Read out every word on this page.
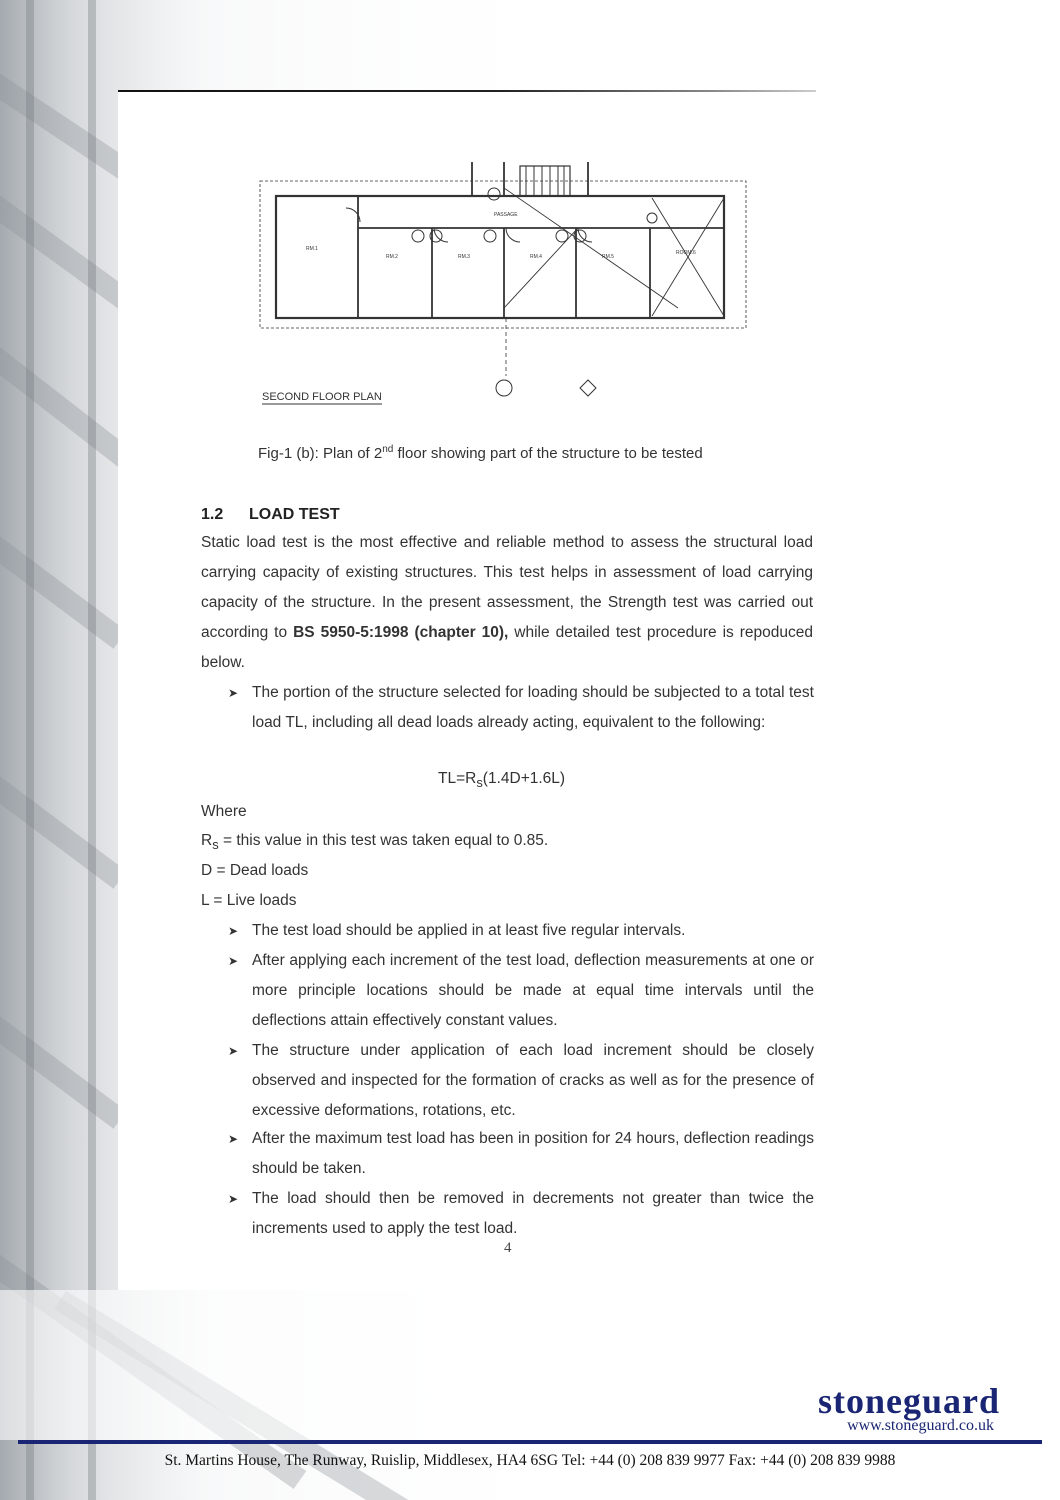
PASSAGE
RM.1
RM.2	RM.3	RM.4	RM.5
ROOM.6
SECOND FLOOR PLAN
Fig-1 (b): Plan of 2nd floor showing part of the structure to be tested
1.2 LOAD TEST
Static load test is the most effective and reliable method to assess the structural load carrying capacity of existing structures. This test helps in assessment of load carrying capacity of the structure. In the present assessment, the Strength test was carried out according to BS 5950-5:1998 (chapter 10), while detailed test procedure is repoduced below.
➤ The portion of the structure selected for loading should be subjected to a total test load TL, including all dead loads already acting, equivalent to the following:
$TL=R_s(1.4D+1.6L)$
Where
$R_s$ = this value in this test was taken equal to 0.85.
D = Dead loads
L = Live loads
➤ The test load should be applied in at least five regular intervals.
➤ After applying each increment of the test load, deflection measurements at one or more principle locations should be made at equal time intervals until the deflections attain effectively constant values.
➤ The structure under application of each load increment should be closely observed and inspected for the formation of cracks as well as for the presence of excessive deformations, rotations, etc.
➤ After the maximum test load has been in position for 24 hours, deflection readings should be taken.
➤ The load should then be removed in decrements not greater than twice the increments used to apply the test load.
4
stoneguard
www.stoneguard.co.uk
St. Martins House, The Runway, Ruislip, Middlesex, HA4 6SG Tel: +44 (0) 208 839 9977 Fax: +44 (0) 208 839 9988
